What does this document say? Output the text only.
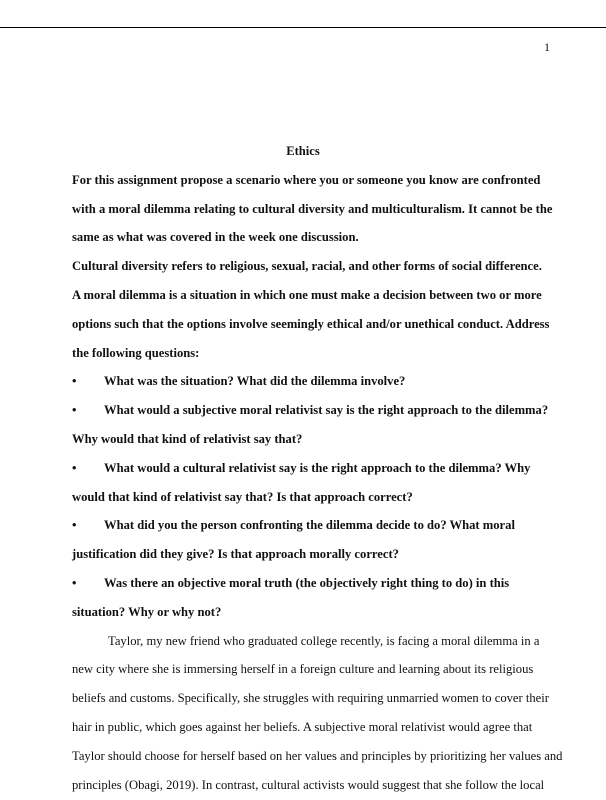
1
Ethics
For this assignment propose a scenario where you or someone you know are confronted
with a moral dilemma relating to cultural diversity and multiculturalism. It cannot be the
same as what was covered in the week one discussion.
Cultural diversity refers to religious, sexual, racial, and other forms of social difference.
A moral dilemma is a situation in which one must make a decision between two or more
options such that the options involve seemingly ethical and/or unethical conduct. Address
the following questions:
• What was the situation? What did the dilemma involve?
• What would a subjective moral relativist say is the right approach to the dilemma?
Why would that kind of relativist say that?
• What would a cultural relativist say is the right approach to the dilemma? Why
would that kind of relativist say that? Is that approach correct?
• What did you the person confronting the dilemma decide to do? What moral
justification did they give? Is that approach morally correct?
• Was there an objective moral truth (the objectively right thing to do) in this
situation? Why or why not?
Taylor, my new friend who graduated college recently, is facing a moral dilemma in a
new city where she is immersing herself in a foreign culture and learning about its religious
beliefs and customs. Specifically, she struggles with requiring unmarried women to cover their
hair in public, which goes against her beliefs. A subjective moral relativist would agree that
Taylor should choose for herself based on her values and principles by prioritizing her values and
principles (Obagi, 2019). In contrast, cultural activists would suggest that she follow the local
